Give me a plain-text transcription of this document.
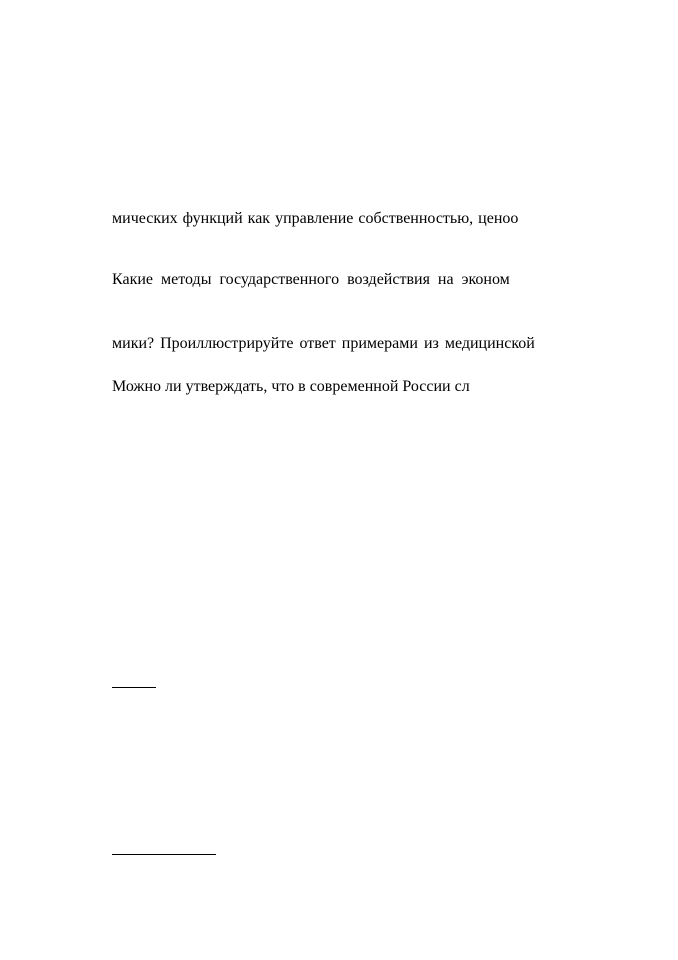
мических функций как управление собственностью, ценоо
Какие методы государственного воздействия на эконом
мики? Проиллюстрируйте ответ примерами из медицинской
Можно ли утверждать, что в современной России сл
